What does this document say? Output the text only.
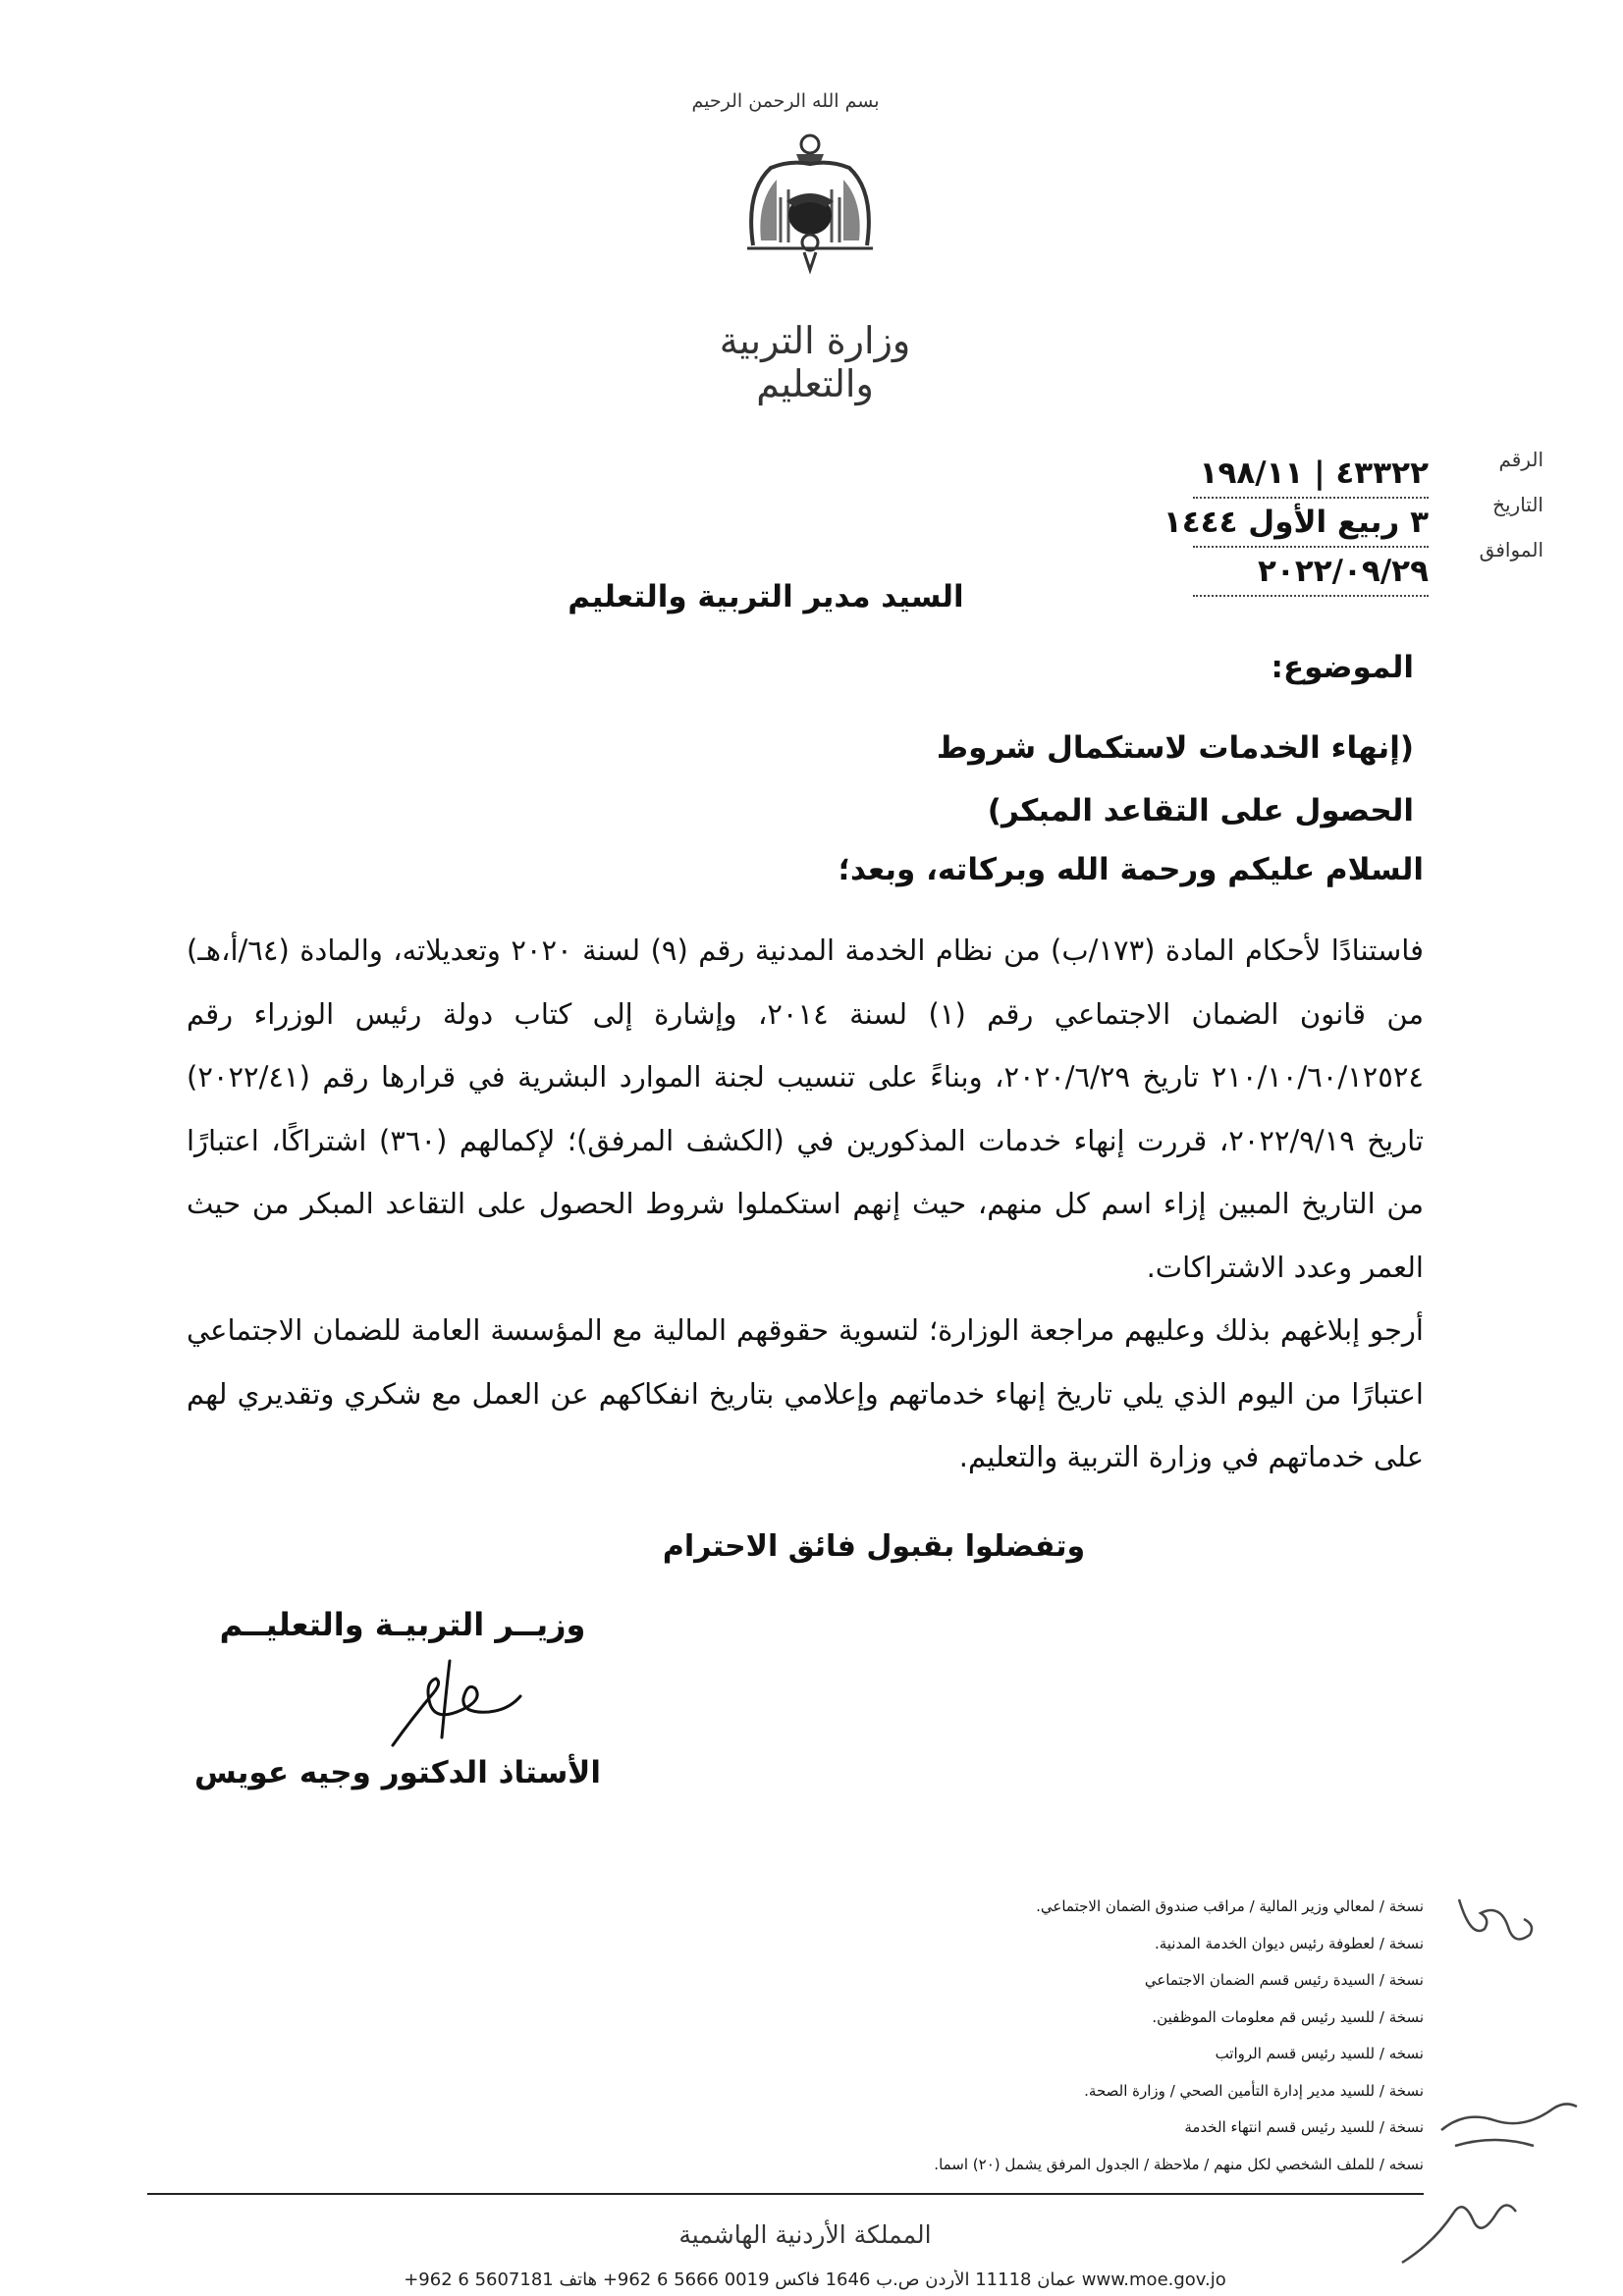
بسم الله الرحمن الرحيم
وزارة التربية والتعليم
الرقم
التاريخ
الموافق
٤٣٣٢٢ | ١٩٨/١١
٣ ربيع الأول ١٤٤٤
٢٠٢٢/٠٩/٢٩
السيد مدير التربية والتعليم
الموضوع:
(إنهاء الخدمات لاستكمال شروط
الحصول على التقاعد المبكر)
السلام عليكم ورحمة الله وبركاته، وبعد؛

فاستنادًا لأحكام المادة (١٧٣/ب) من نظام الخدمة المدنية رقم (٩) لسنة ٢٠٢٠ وتعديلاته، والمادة (٦٤/أ،هـ) من قانون الضمان الاجتماعي رقم (١) لسنة ٢٠١٤، وإشارة إلى كتاب دولة رئيس الوزراء رقم ٢١٠/١٠/٦٠/١٢٥٢٤ تاريخ ٢٠٢٠/٦/٢٩، وبناءً على تنسيب لجنة الموارد البشرية في قرارها رقم (٢٠٢٢/٤١) تاريخ ٢٠٢٢/٩/١٩، قررت إنهاء خدمات المذكورين في (الكشف المرفق)؛ لإكمالهم (٣٦٠) اشتراكًا، اعتبارًا من التاريخ المبين إزاء اسم كل منهم، حيث إنهم استكملوا شروط الحصول على التقاعد المبكر من حيث العمر وعدد الاشتراكات.

أرجو إبلاغهم بذلك وعليهم مراجعة الوزارة؛ لتسوية حقوقهم المالية مع المؤسسة العامة للضمان الاجتماعي اعتبارًا من اليوم الذي يلي تاريخ إنهاء خدماتهم وإعلامي بتاريخ انفكاكهم عن العمل مع شكري وتقديري لهم على خدماتهم في وزارة التربية والتعليم.

وتفضلوا بقبول فائق الاحترام
وزيــر التربيـة والتعليــم
الأستاذ الدكتور وجيه عويس
نسخة / لمعالي وزير المالية / مراقب صندوق الضمان الاجتماعي.
نسخة / لعطوفة رئيس ديوان الخدمة المدنية.
نسخة / السيدة رئيس قسم الضمان الاجتماعي
نسخة / للسيد رئيس قم معلومات الموظفين.
نسخه / للسيد رئيس قسم الرواتب
نسخة / للسيد مدير إدارة التأمين الصحي / وزارة الصحة.
نسخة / للسيد رئيس قسم انتهاء الخدمة
نسخه / للملف الشخصي لكل منهم / ملاحظة / الجدول المرفق يشمل (٢٠) اسما.
المملكة الأردنية الهاشمية
www.moe.gov.jo عمان 11118 الأردن ص.ب 1646 فاكس 0019 5666 6 962+ هاتف 5607181 6 962+
